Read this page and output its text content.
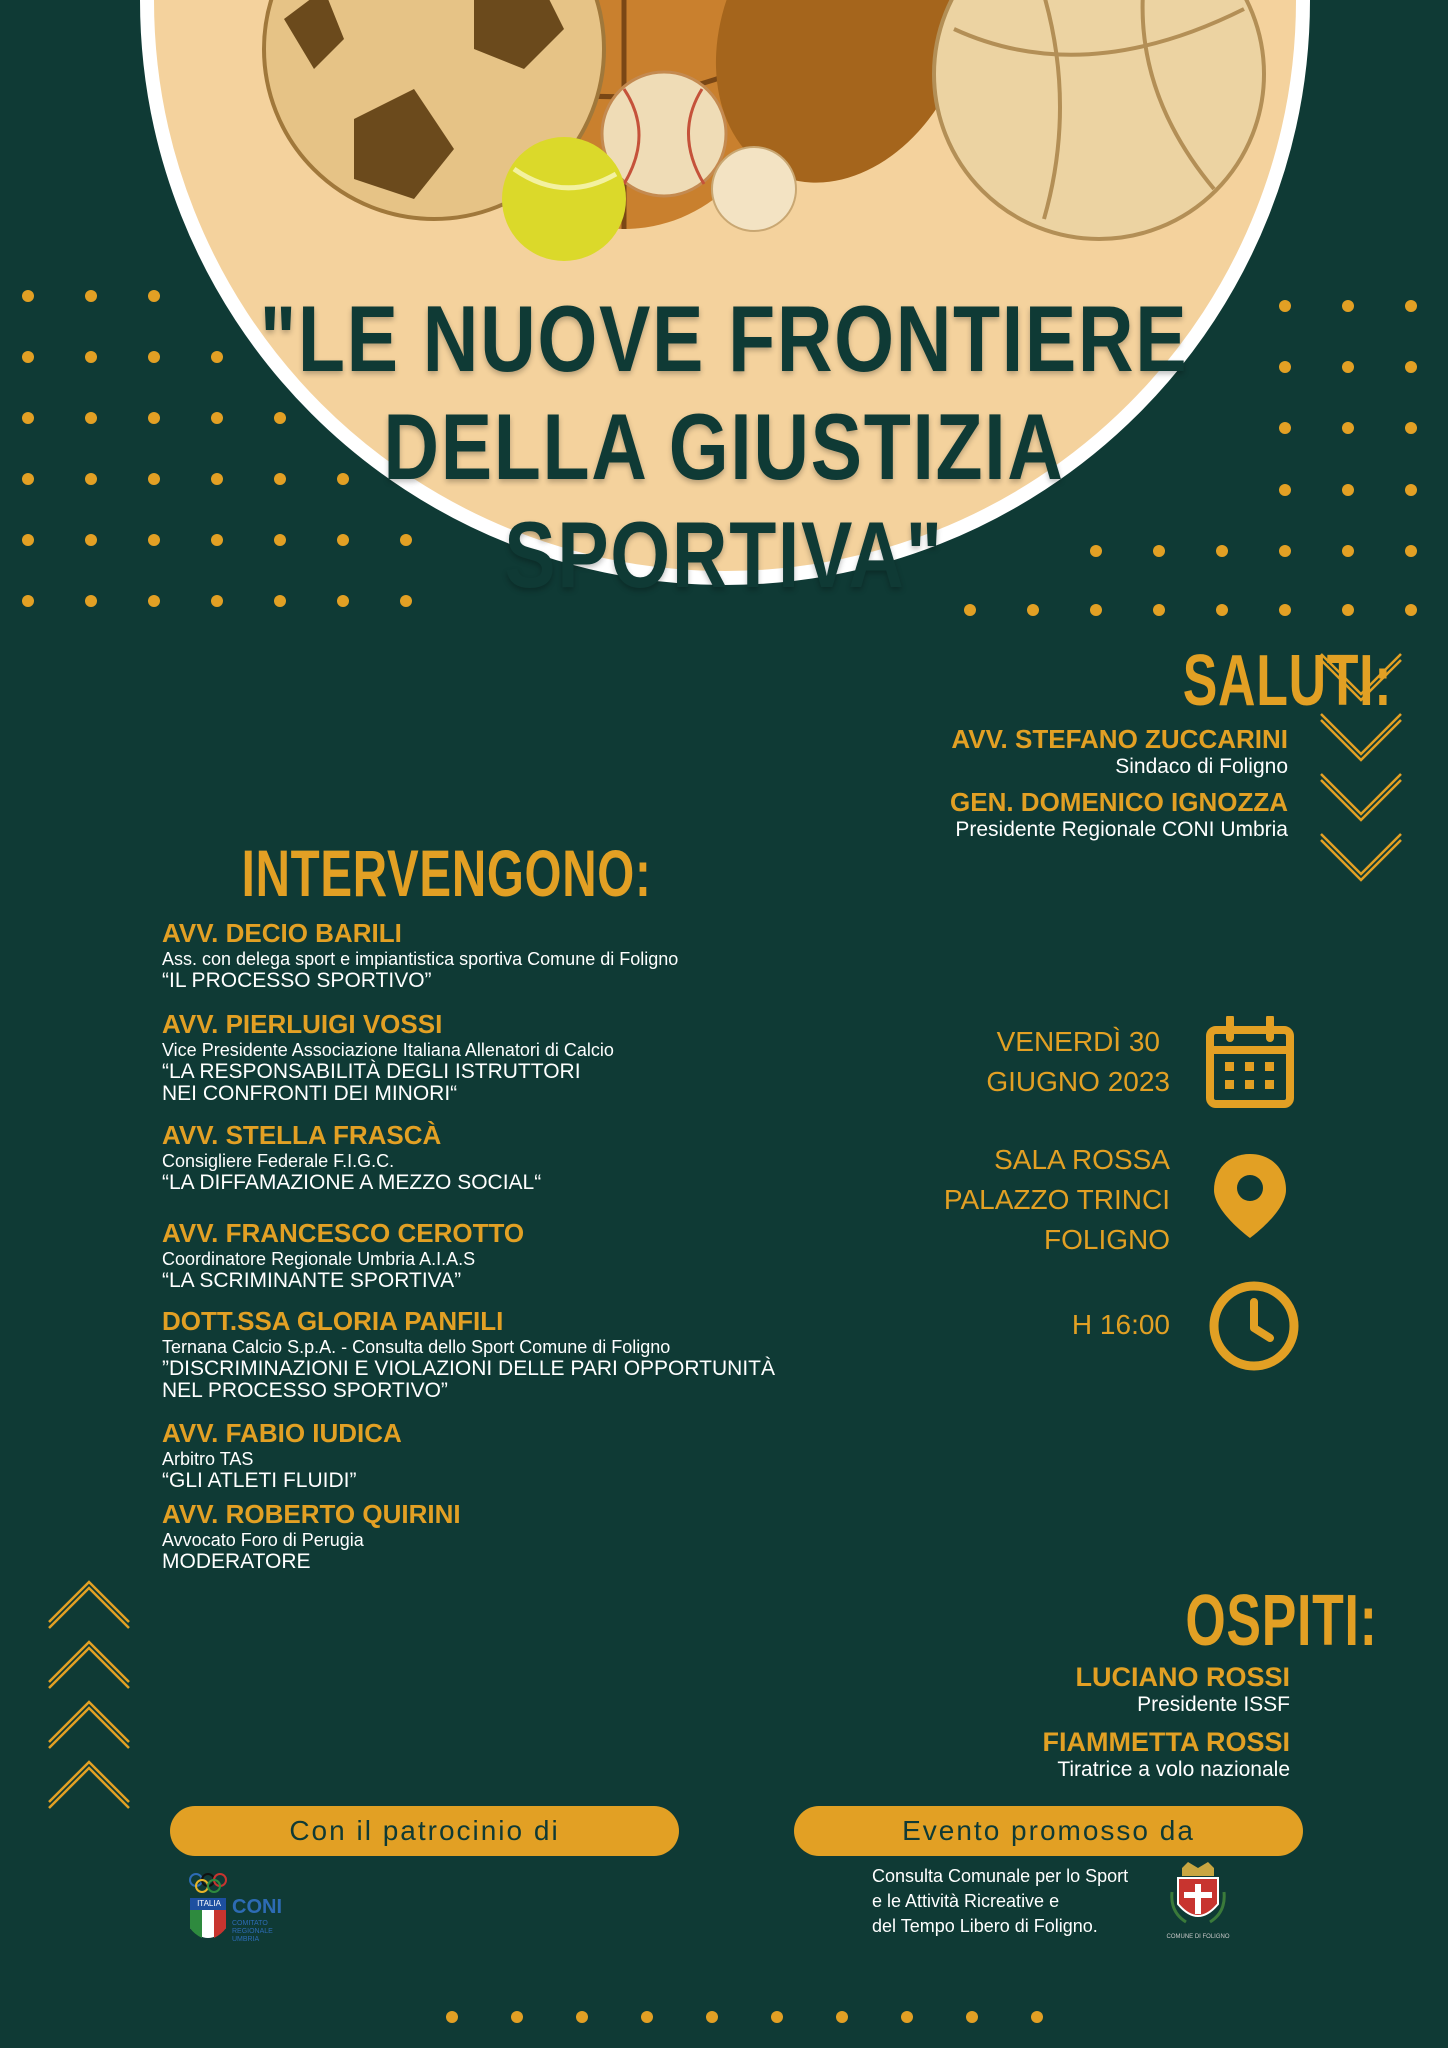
"LE NUOVE FRONTIERE
DELLA GIUSTIZIA
SPORTIVA"
SALUTI:
AVV. STEFANO ZUCCARINI
Sindaco di Foligno
GEN. DOMENICO IGNOZZA
Presidente Regionale CONI Umbria
INTERVENGONO:
AVV. DECIO BARILI
Ass. con delega sport e impiantistica sportiva Comune di Foligno
“IL PROCESSO SPORTIVO”
AVV. PIERLUIGI VOSSI
Vice Presidente Associazione Italiana Allenatori di Calcio
“LA RESPONSABILITÀ DEGLI ISTRUTTORI
NEI CONFRONTI DEI MINORI“
AVV. STELLA FRASCÀ
Consigliere Federale F.I.G.C.
“LA DIFFAMAZIONE A MEZZO SOCIAL“
AVV. FRANCESCO CEROTTO
Coordinatore Regionale Umbria A.I.A.S
“LA SCRIMINANTE SPORTIVA”
DOTT.SSA GLORIA PANFILI
Ternana Calcio S.p.A. - Consulta dello Sport Comune di Foligno
”DISCRIMINAZIONI E VIOLAZIONI DELLE PARI OPPORTUNITÀ
NEL PROCESSO SPORTIVO”
AVV. FABIO IUDICA
Arbitro TAS
“GLI ATLETI FLUIDI”
AVV. ROBERTO QUIRINI
Avvocato Foro di Perugia
MODERATORE
VENERDÌ 30
GIUGNO 2023
SALA ROSSA
PALAZZO TRINCI
FOLIGNO
H 16:00
OSPITI:
LUCIANO ROSSI
Presidente ISSF
FIAMMETTA ROSSI
Tiratrice a volo nazionale
Con il patrocinio di	Evento promosso da
ITALIA CONI
COMITATO REGIONALE UMBRIA
Consulta Comunale per lo Sport
e le Attività Ricreative e
del Tempo Libero di Foligno.
COMUNE DI FOLIGNO
